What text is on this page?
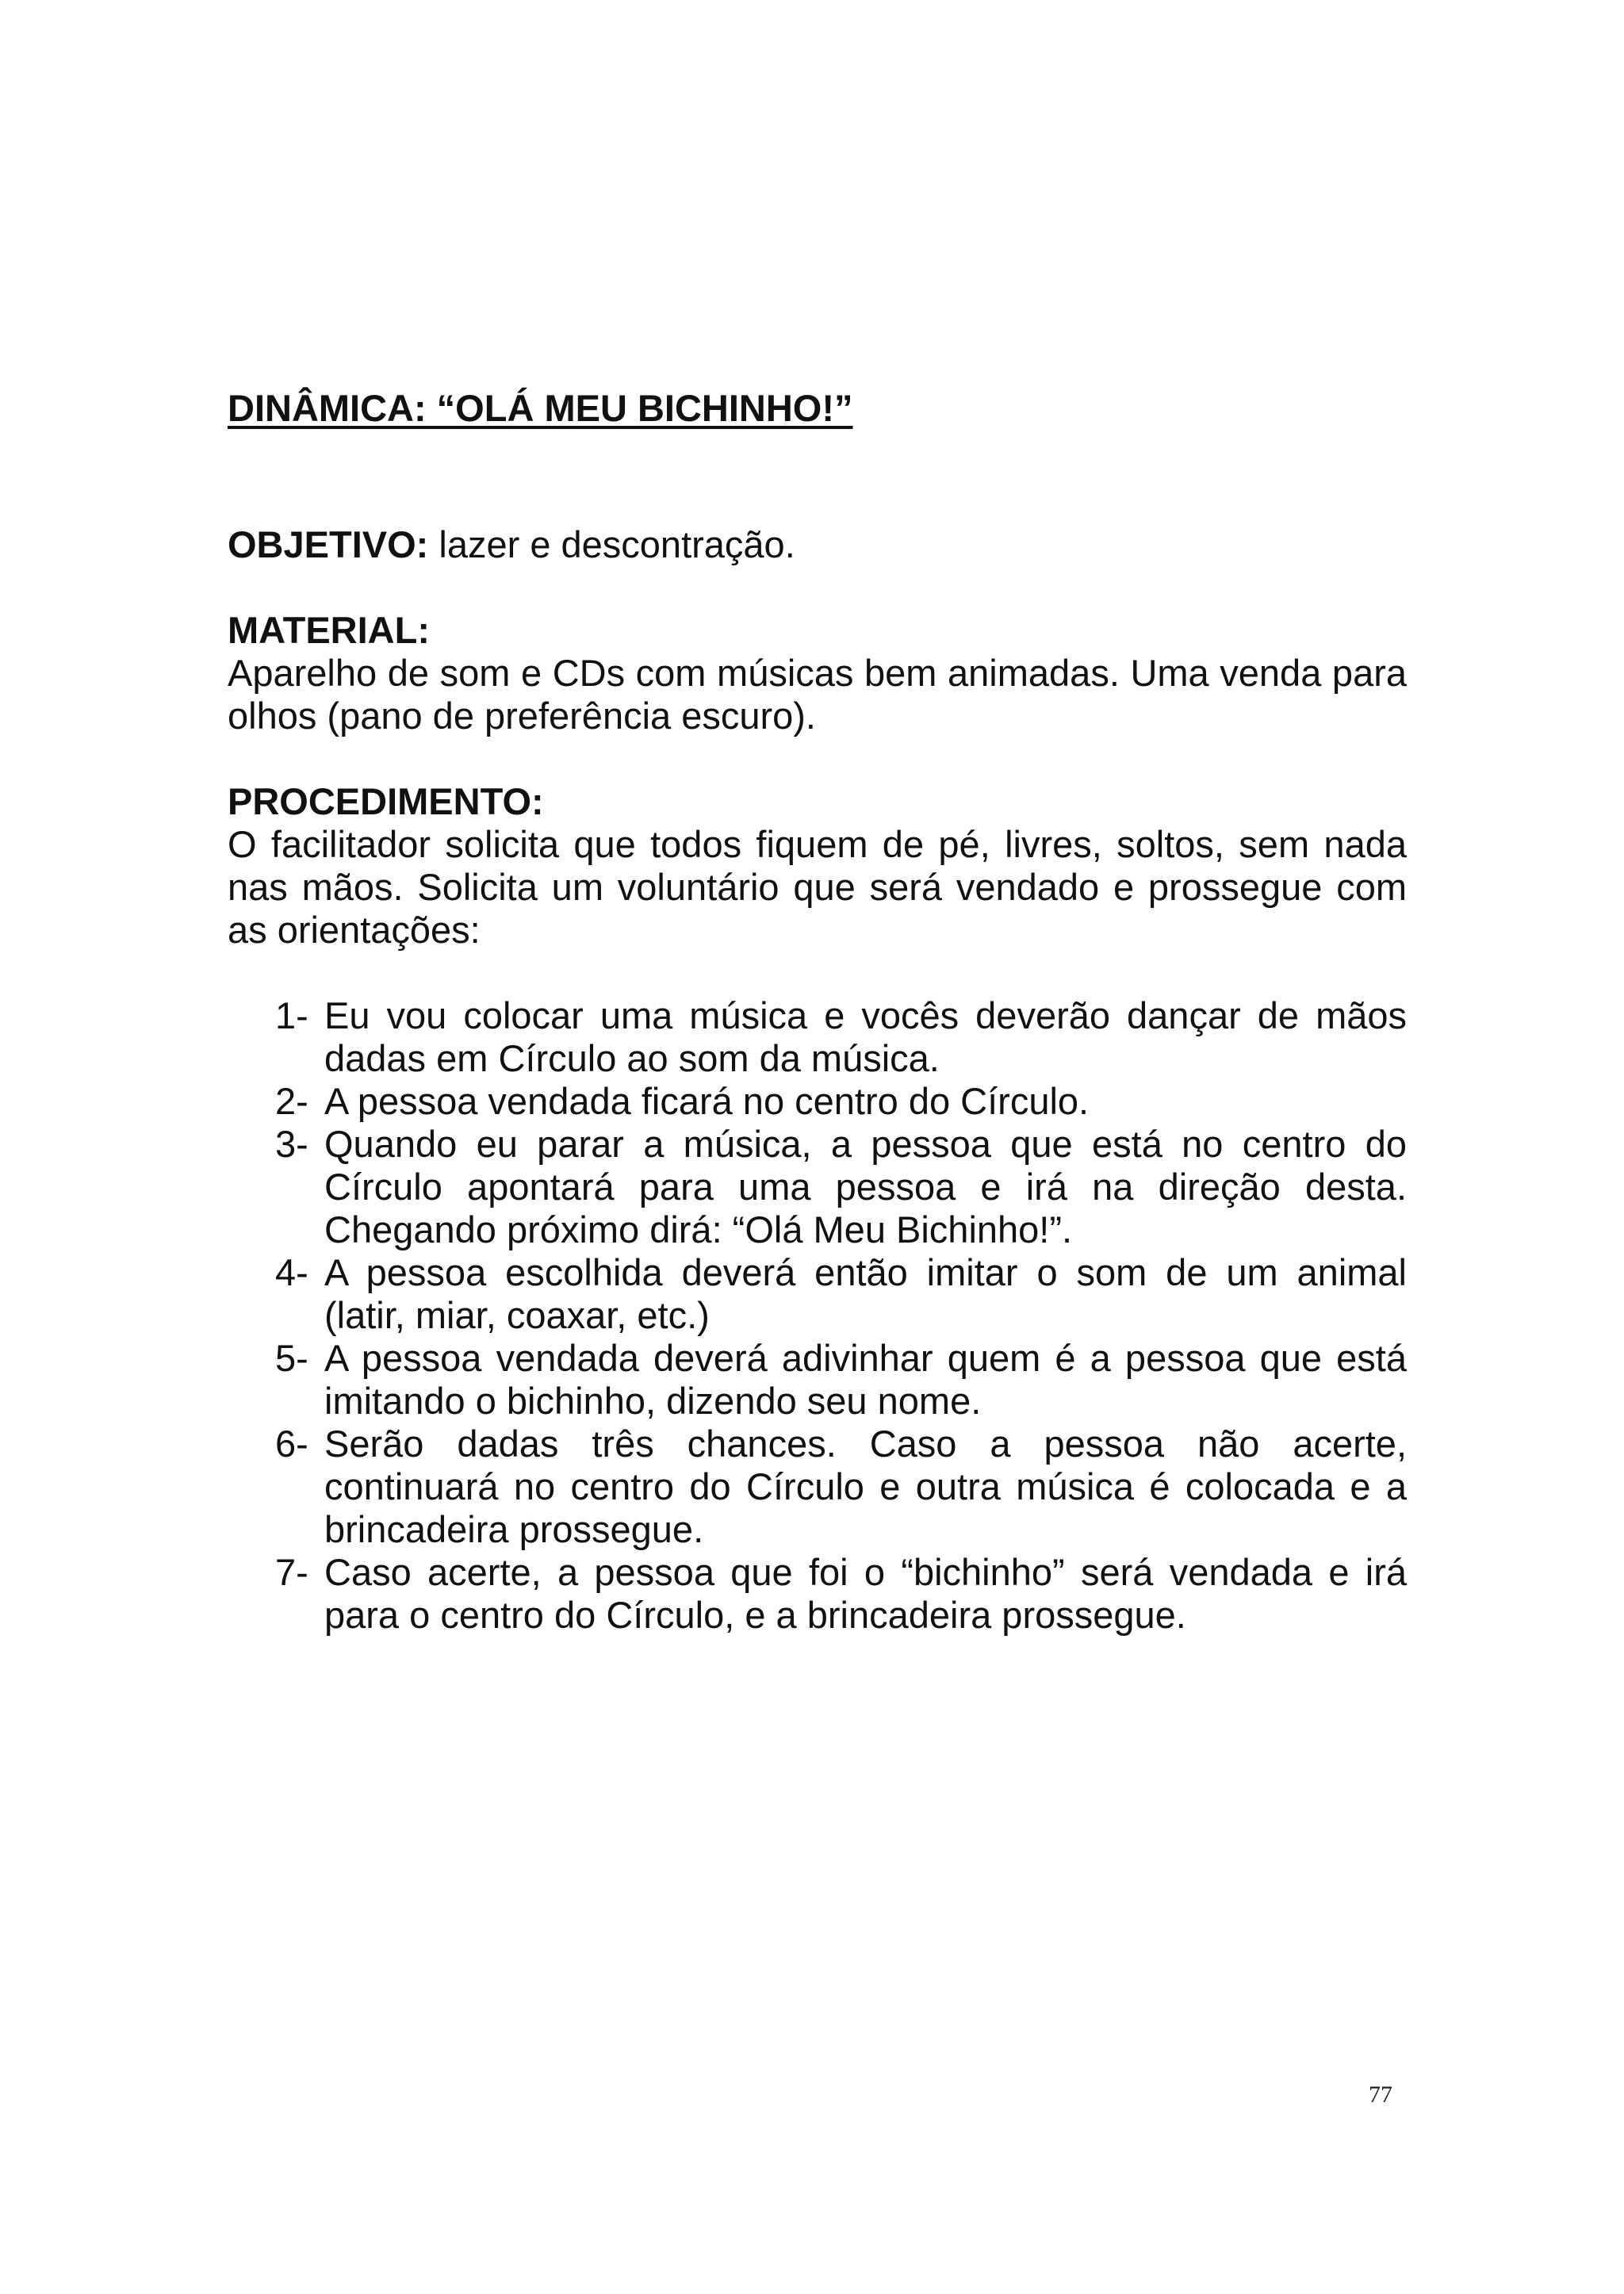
DINÂMICA: “OLÁ MEU BICHINHO!”
OBJETIVO: lazer e descontração.
MATERIAL:

Aparelho de som e CDs com músicas bem animadas. Uma venda para olhos (pano de preferência escuro).

PROCEDIMENTO:

O facilitador solicita que todos fiquem de pé, livres, soltos, sem nada nas mãos. Solicita um voluntário que será vendado e prossegue com as orientações:

1- Eu vou colocar uma música e vocês deverão dançar de mãos dadas em Círculo ao som da música.
2- A pessoa vendada ficará no centro do Círculo.
3- Quando eu parar a música, a pessoa que está no centro do Círculo apontará para uma pessoa e irá na direção desta. Chegando próximo dirá: “Olá Meu Bichinho!”.
4- A pessoa escolhida deverá então imitar o som de um animal (latir, miar, coaxar, etc.)
5- A pessoa vendada deverá adivinhar quem é a pessoa que está imitando o bichinho, dizendo seu nome.
6- Serão dadas três chances. Caso a pessoa não acerte, continuará no centro do Círculo e outra música é colocada e a brincadeira prossegue.
7- Caso acerte, a pessoa que foi o “bichinho” será vendada e irá para o centro do Círculo, e a brincadeira prossegue.
77
